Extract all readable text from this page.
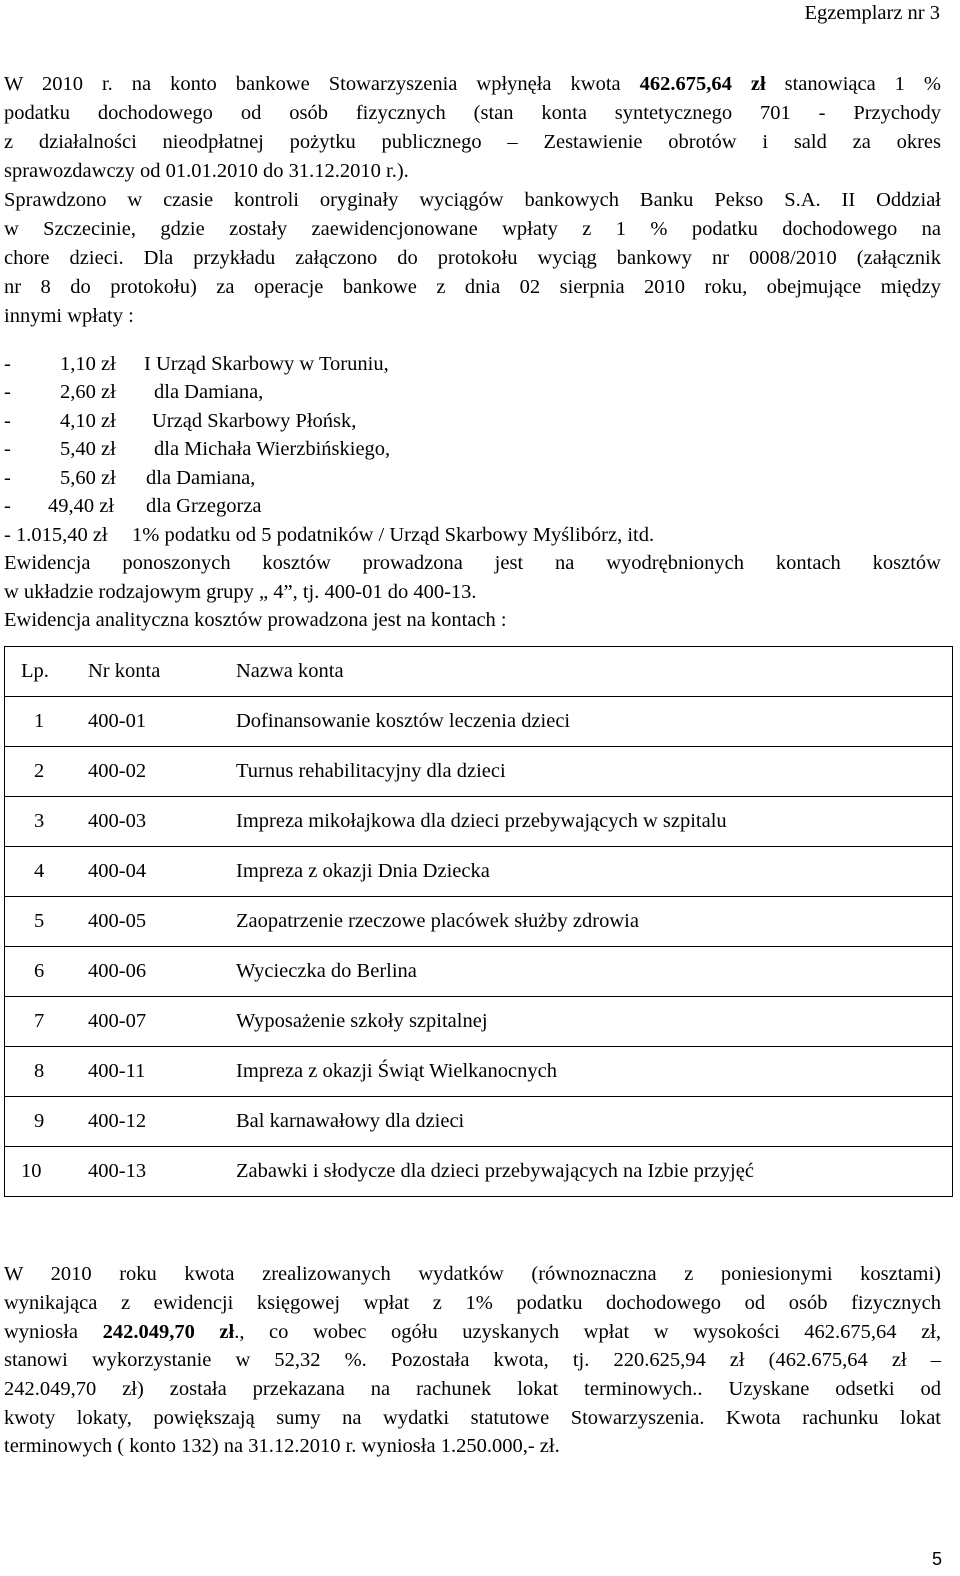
Egzemplarz nr 3
W 2010 r. na konto bankowe Stowarzyszenia wpłynęła kwota 462.675,64 zł stanowiąca 1 %
podatku dochodowego od osób fizycznych (stan konta syntetycznego 701 - Przychody
z działalności nieodpłatnej pożytku publicznego – Zestawienie obrotów i sald za okres
sprawozdawczy od 01.01.2010 do 31.12.2010 r.).
Sprawdzono w czasie kontroli oryginały wyciągów bankowych Banku Pekso S.A. II Oddział
w Szczecinie, gdzie zostały zaewidencjonowane wpłaty z 1 % podatku dochodowego na
chore dzieci. Dla przykładu załączono do protokołu wyciąg bankowy nr 0008/2010 (załącznik
nr 8 do protokołu) za operacje bankowe z dnia 02 sierpnia 2010 roku, obejmujące między
innymi wpłaty :
- 1,10 zł I Urząd Skarbowy w Toruniu,
- 2,60 zł dla Damiana,
- 4,10 zł Urząd Skarbowy Płońsk,
- 5,40 zł dla Michała Wierzbińskiego,
- 5,60 zł dla Damiana,
- 49,40 zł dla Grzegorza
- 1.015,40 zł 1% podatku od 5 podatników / Urząd Skarbowy Myślibórz, itd.
Ewidencja ponoszonych kosztów prowadzona jest na wyodrębnionych kontach kosztów
w układzie rodzajowym grupy „ 4”, tj. 400-01 do 400-13.
Ewidencja analityczna kosztów prowadzona jest na kontach :
Lp. Nr konta	Nazwa konta

1 400-01	Dofinansowanie kosztów leczenia dzieci

2 400-02	Turnus rehabilitacyjny dla dzieci

3 400-03	Impreza mikołajkowa dla dzieci przebywających w szpitalu

4 400-04	Impreza z okazji Dnia Dziecka

5 400-05	Zaopatrzenie rzeczowe placówek służby zdrowia

6 400-06	Wycieczka do Berlina

7 400-07	Wyposażenie szkoły szpitalnej

8 400-11	Impreza z okazji Świąt Wielkanocnych

9 400-12	Bal karnawałowy dla dzieci

10 400-13	Zabawki i słodycze dla dzieci przebywających na Izbie przyjęć
W 2010 roku kwota zrealizowanych wydatków (równoznaczna z poniesionymi kosztami)
wynikająca z ewidencji księgowej wpłat z 1% podatku dochodowego od osób fizycznych
wyniosła 242.049,70 zł., co wobec ogółu uzyskanych wpłat w wysokości 462.675,64 zł,
stanowi wykorzystanie w 52,32 %. Pozostała kwota, tj. 220.625,94 zł (462.675,64 zł –
242.049,70 zł) została przekazana na rachunek lokat terminowych.. Uzyskane odsetki od
kwoty lokaty, powiększają sumy na wydatki statutowe Stowarzyszenia. Kwota rachunku lokat
terminowych ( konto 132) na 31.12.2010 r. wyniosła 1.250.000,- zł.
5
